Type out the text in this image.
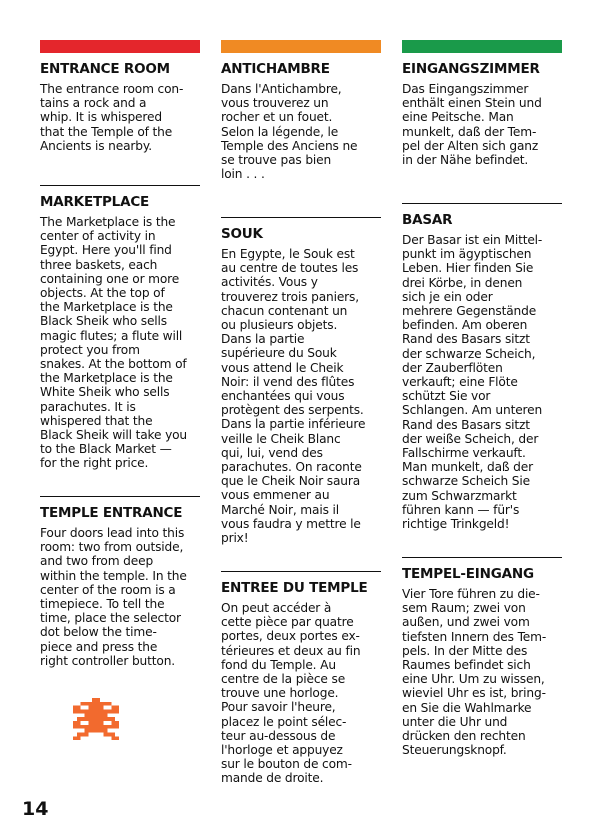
ENTRANCE ROOM
The entrance room con-
tains a rock and a
whip. It is whispered
that the Temple of the
Ancients is nearby.
MARKETPLACE
The Marketplace is the
center of activity in
Egypt. Here you'll find
three baskets, each
containing one or more
objects. At the top of
the Marketplace is the
Black Sheik who sells
magic flutes; a flute will
protect you from
snakes. At the bottom of
the Marketplace is the
White Sheik who sells
parachutes. It is
whispered that the
Black Sheik will take you
to the Black Market —
for the right price.
TEMPLE ENTRANCE
Four doors lead into this
room: two from outside,
and two from deep
within the temple. In the
center of the room is a
timepiece. To tell the
time, place the selector
dot below the time-
piece and press the
right controller button.
ANTICHAMBRE
Dans l'Antichambre,
vous trouverez un
rocher et un fouet.
Selon la légende, le
Temple des Anciens ne
se trouve pas bien
loin . . .
SOUK
En Egypte, le Souk est
au centre de toutes les
activités. Vous y
trouverez trois paniers,
chacun contenant un
ou plusieurs objets.
Dans la partie
supérieure du Souk
vous attend le Cheik
Noir: il vend des flûtes
enchantées qui vous
protègent des serpents.
Dans la partie inférieure
veille le Cheik Blanc
qui, lui, vend des
parachutes. On raconte
que le Cheik Noir saura
vous emmener au
Marché Noir, mais il
vous faudra y mettre le
prix!
ENTREE DU TEMPLE
On peut accéder à
cette pièce par quatre
portes, deux portes ex-
térieures et deux au fin
fond du Temple. Au
centre de la pièce se
trouve une horloge.
Pour savoir l'heure,
placez le point sélec-
teur au-dessous de
l'horloge et appuyez
sur le bouton de com-
mande de droite.
EINGANGSZIMMER
Das Eingangszimmer
enthält einen Stein und
eine Peitsche. Man
munkelt, daß der Tem-
pel der Alten sich ganz
in der Nähe befindet.
BASAR
Der Basar ist ein Mittel-
punkt im ägyptischen
Leben. Hier finden Sie
drei Körbe, in denen
sich je ein oder
mehrere Gegenstände
befinden. Am oberen
Rand des Basars sitzt
der schwarze Scheich,
der Zauberflöten
verkauft; eine Flöte
schützt Sie vor
Schlangen. Am unteren
Rand des Basars sitzt
der weiße Scheich, der
Fallschirme verkauft.
Man munkelt, daß der
schwarze Scheich Sie
zum Schwarzmarkt
führen kann — für's
richtige Trinkgeld!
TEMPEL-EINGANG
Vier Tore führen zu die-
sem Raum; zwei von
außen, und zwei vom
tiefsten Innern des Tem-
pels. In der Mitte des
Raumes befindet sich
eine Uhr. Um zu wissen,
wieviel Uhr es ist, bring-
en Sie die Wahlmarke
unter die Uhr und
drücken den rechten
Steuerungsknopf.
14
